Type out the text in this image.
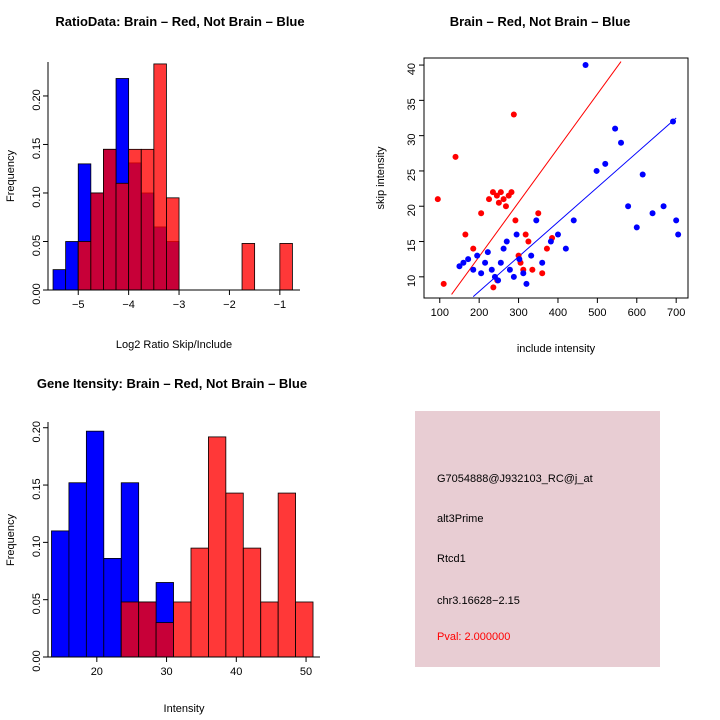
RatioData: Brain – Red, Not Brain – Blue
−5	−4	−3	−2	−1
0.00
0.05
0.10
0.15
0.20
Log2 Ratio Skip/Include
Frequency
Brain – Red, Not Brain – Blue
100 200 300 400 500 600 700
10
15
20
25
30
35
40
include intensity
skip intensity
Gene Itensity: Brain – Red, Not Brain – Blue
20	30	40	50
0.00
0.05
0.10
0.15
0.20
Intensity
Frequency
G7054888@J932103_RC@j_at
alt3Prime
Rtcd1
chr3.16628−2.15
Pval: 2.000000
